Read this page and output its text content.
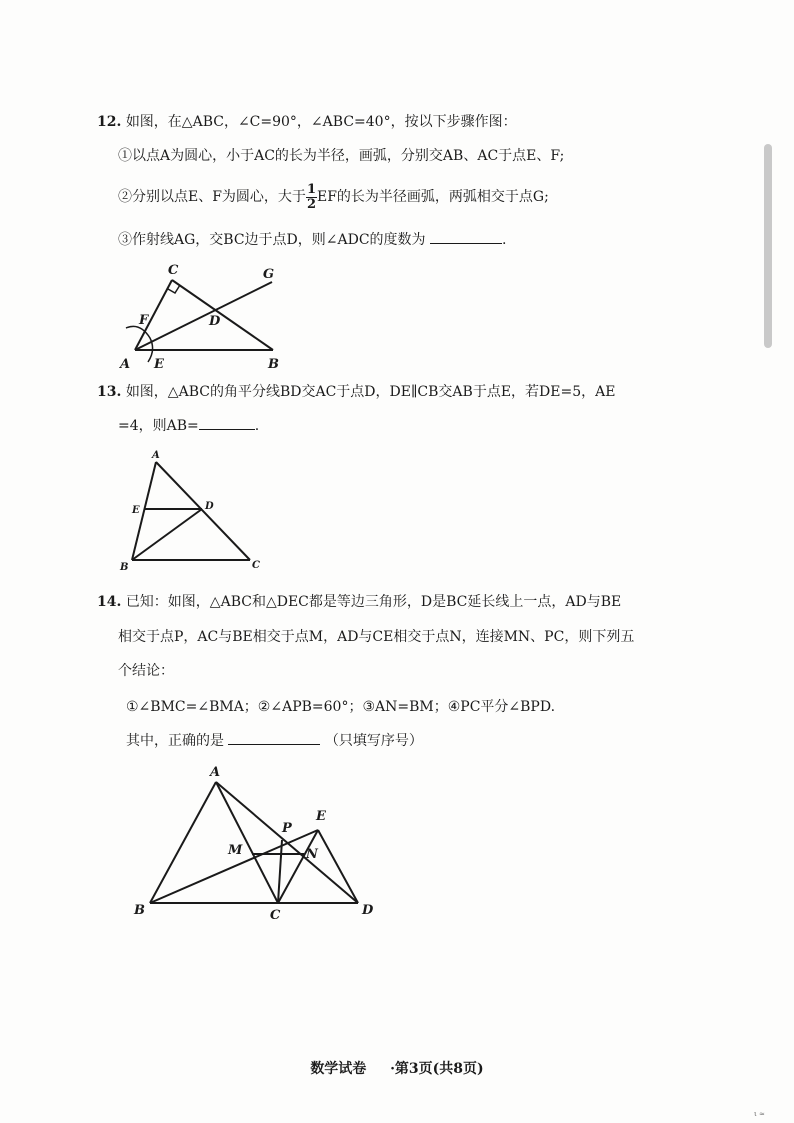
12. 如图，在△ABC，∠C=90°，∠ABC=40°，按以下步骤作图：
①以点A为圆心，小于AC的长为半径，画弧，分别交AB、AC于点E、F;
②分别以点E、F为圆心，大于 $\frac{1}{2}$ EF的长为半径画弧，两弧相交于点G;
③作射线AG，交BC边于点D，则∠ADC的度数为	.
C	G
F	D
A E	B
13. 如图，△ABC的角平分线BD交AC于点D，DE∥CB交AB于点E，若DE=5，AE
=4，则AB=	.
A
E	D
B	C
14. 已知：如图，△ABC和△DEC都是等边三角形，D是BC延长线上一点，AD与BE
相交于点P，AC与BE相交于点M，AD与CE相交于点N，连接MN、PC，则下列五
个结论：
①∠BMC=∠BMA；②∠APB=60°；③AN=BM；④PC平分∠BPD.
其中，正确的是	（只填写序号）
A
P
E
M	N
B	C	D
数学试卷 ·第3页(共8页)
ι ≈
